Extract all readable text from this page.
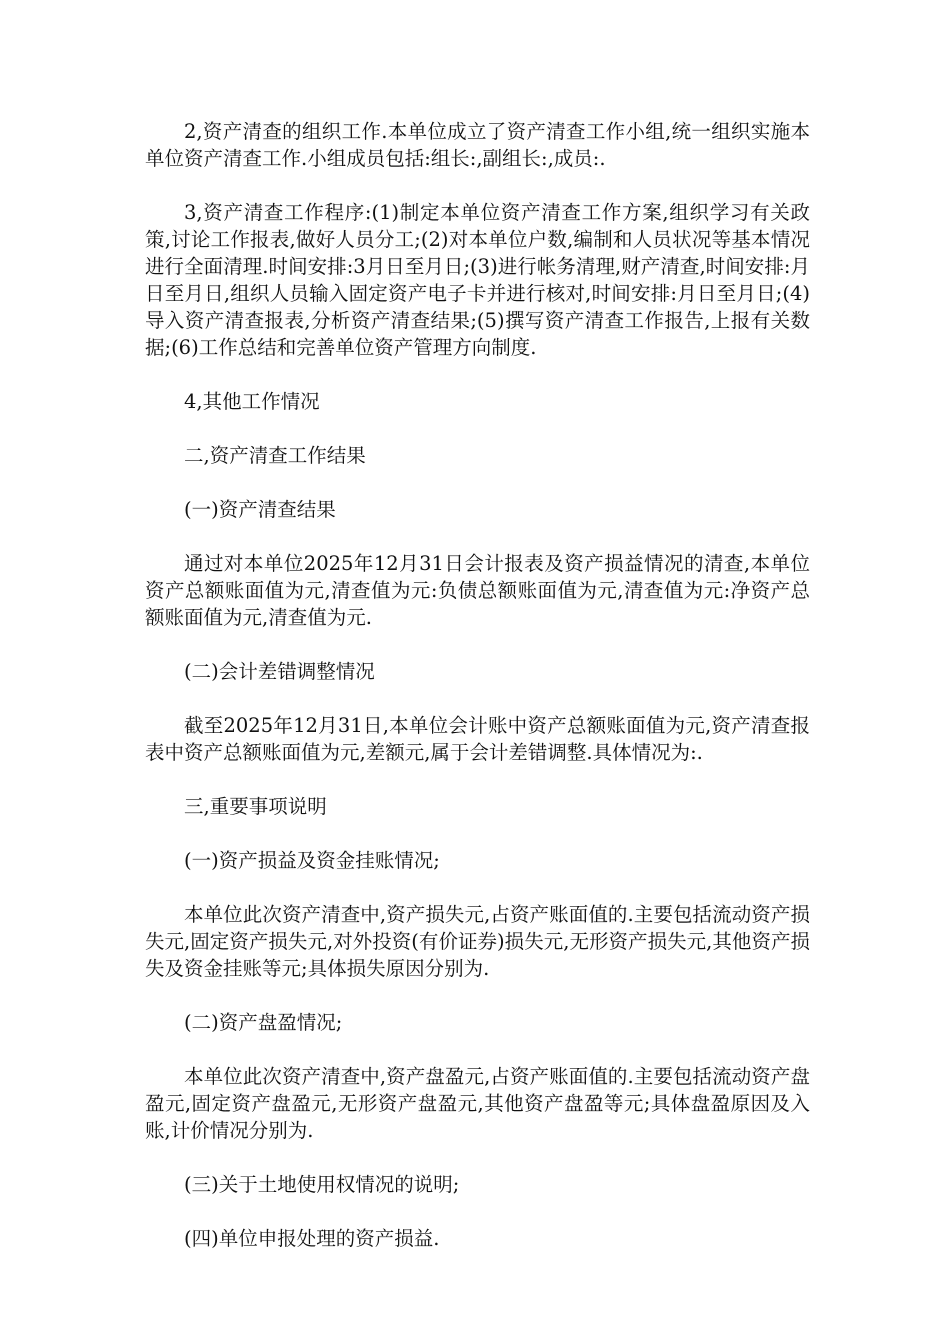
2,资产清查的组织工作.本单位成立了资产清查工作小组,统一组织实施本单位资产清查工作.小组成员包括:组长:,副组长:,成员:.

3,资产清查工作程序:(1)制定本单位资产清查工作方案,组织学习有关政策,讨论工作报表,做好人员分工;(2)对本单位户数,编制和人员状况等基本情况进行全面清理.时间安排:3月日至月日;(3)进行帐务清理,财产清查,时间安排:月日至月日,组织人员输入固定资产电子卡并进行核对,时间安排:月日至月日;(4)导入资产清查报表,分析资产清查结果;(5)撰写资产清查工作报告,上报有关数据;(6)工作总结和完善单位资产管理方向制度.

4,其他工作情况

二,资产清查工作结果

(一)资产清查结果

通过对本单位2025年12月31日会计报表及资产损益情况的清查,本单位资产总额账面值为元,清查值为元:负债总额账面值为元,清查值为元:净资产总额账面值为元,清查值为元.

(二)会计差错调整情况

截至2025年12月31日,本单位会计账中资产总额账面值为元,资产清查报表中资产总额账面值为元,差额元,属于会计差错调整.具体情况为:.

三,重要事项说明

(一)资产损益及资金挂账情况;

本单位此次资产清查中,资产损失元,占资产账面值的.主要包括流动资产损失元,固定资产损失元,对外投资(有价证券)损失元,无形资产损失元,其他资产损失及资金挂账等元;具体损失原因分别为.

(二)资产盘盈情况;

本单位此次资产清查中,资产盘盈元,占资产账面值的.主要包括流动资产盘盈元,固定资产盘盈元,无形资产盘盈元,其他资产盘盈等元;具体盘盈原因及入账,计价情况分别为.

(三)关于土地使用权情况的说明;

(四)单位申报处理的资产损益.
